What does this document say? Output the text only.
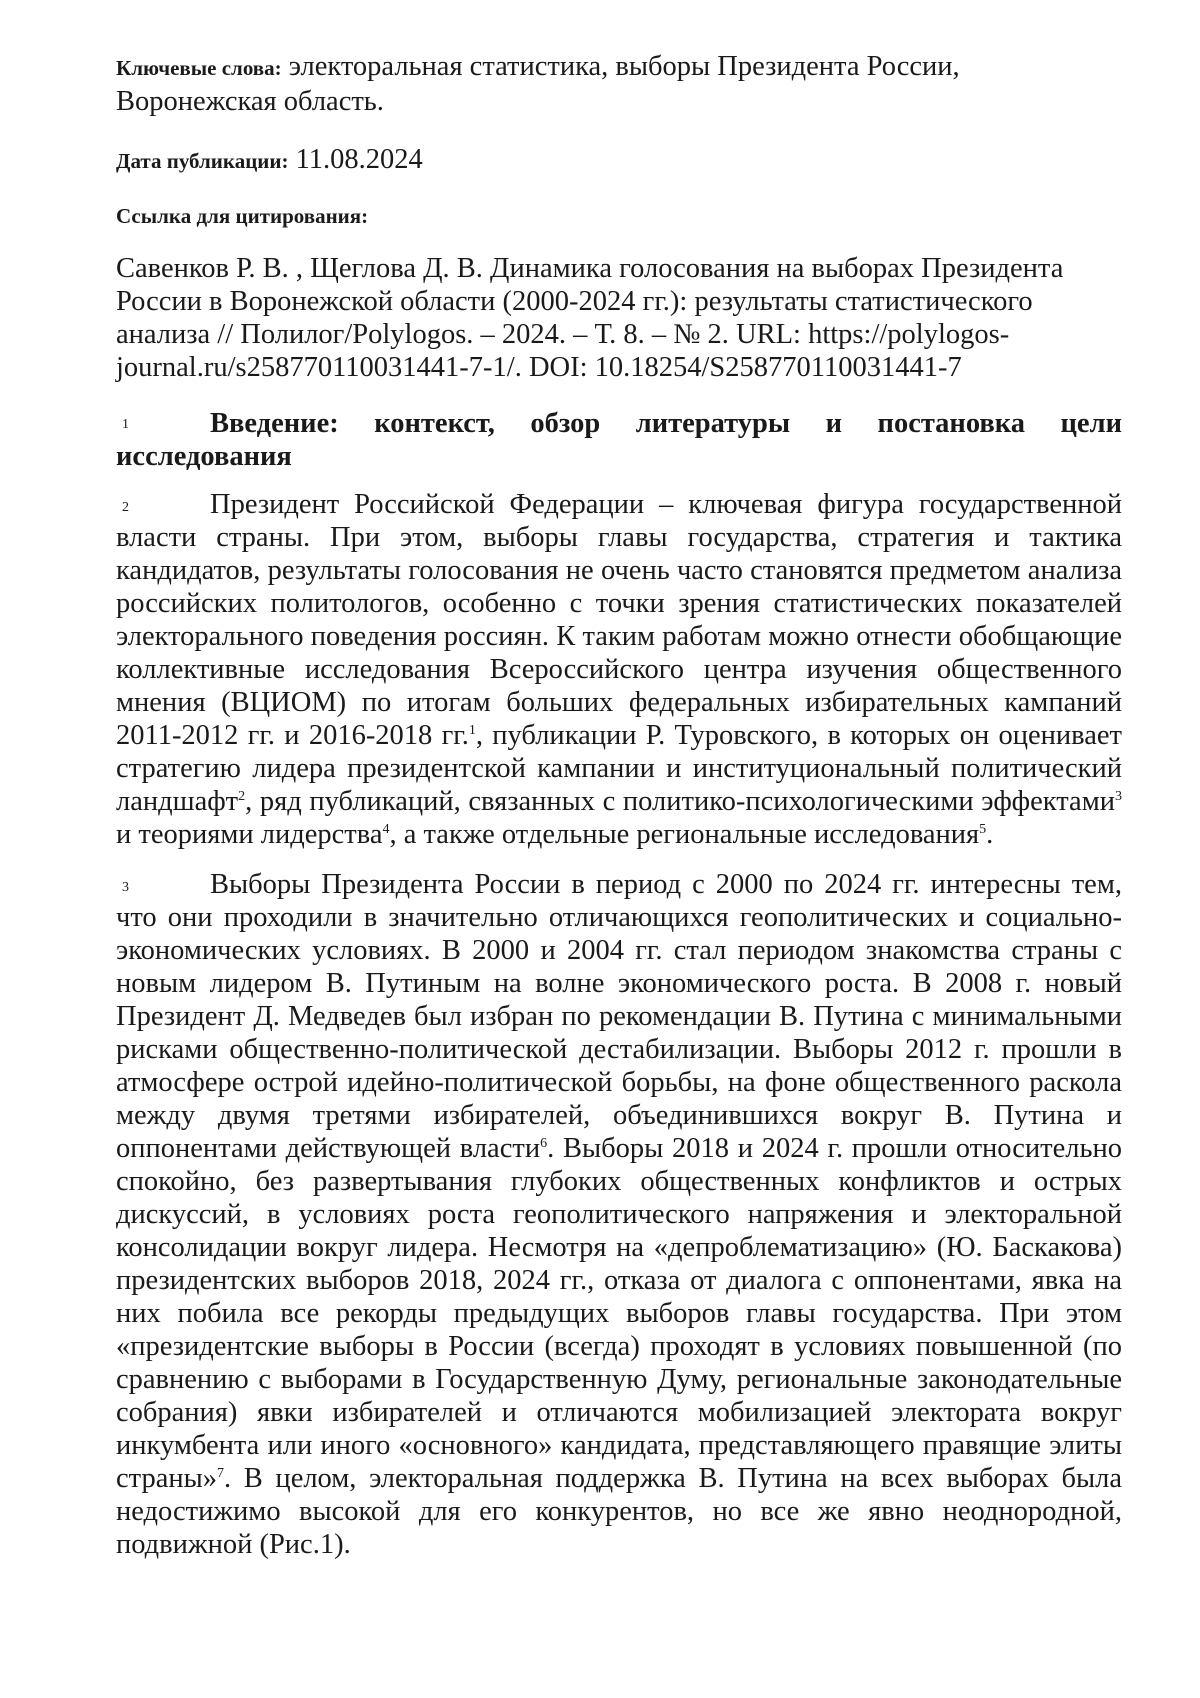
Ключевые слова: электоральная статистика, выборы Президента России, Воронежская область.
Дата публикации: 11.08.2024
Ссылка для цитирования:
Савенков Р. В. , Щеглова Д. В. Динамика голосования на выборах Президента России в Воронежской области (2000-2024 гг.): результаты статистического анализа // Полилог/Polylogos. – 2024. – Т. 8. – № 2. URL: https://polylogos-journal.ru/s258770110031441-7-1/. DOI: 10.18254/S258770110031441-7
1	Введение: контекст, обзор литературы и постановка цели
исследования
2	Президент Российской Федерации – ключевая фигура государственной власти страны. При этом, выборы главы государства, стратегия и тактика кандидатов, результаты голосования не очень часто становятся предметом анализа российских политологов, особенно с точки зрения статистических показателей электорального поведения россиян. К таким работам можно отнести обобщающие коллективные исследования Всероссийского центра изучения общественного мнения (ВЦИОМ) по итогам больших федеральных избирательных кампаний 2011-2012 гг. и 2016-2018 гг.$^1$, публикации Р. Туровского, в которых он оценивает стратегию лидера президентской кампании и институциональный политический ландшафт$^2$, ряд публикаций, связанных с политико-психологическими эффектами$^3$ и теориями лидерства$^4$, а также отдельные региональные исследования$^5$.
3	Выборы Президента России в период с 2000 по 2024 гг. интересны тем, что они проходили в значительно отличающихся геополитических и социально-экономических условиях. В 2000 и 2004 гг. стал периодом знакомства страны с новым лидером В. Путиным на волне экономического роста. В 2008 г. новый Президент Д. Медведев был избран по рекомендации В. Путина с минимальными рисками общественно-политической дестабилизации. Выборы 2012 г. прошли в атмосфере острой идейно-политической борьбы, на фоне общественного раскола между двумя третями избирателей, объединившихся вокруг В. Путина и оппонентами действующей власти$^6$. Выборы 2018 и 2024 г. прошли относительно спокойно, без развертывания глубоких общественных конфликтов и острых дискуссий, в условиях роста геополитического напряжения и электоральной консолидации вокруг лидера. Несмотря на «депроблематизацию» (Ю. Баскакова) президентских выборов 2018, 2024 гг., отказа от диалога с оппонентами, явка на них побила все рекорды предыдущих выборов главы государства. При этом «президентские выборы в России (всегда) проходят в условиях повышенной (по сравнению с выборами в Государственную Думу, региональные законодательные собрания) явки избирателей и отличаются мобилизацией электората вокруг инкумбента или иного «основного» кандидата, представляющего правящие элиты страны»$^7$. В целом, электоральная поддержка В. Путина на всех выборах была недостижимо высокой для его конкурентов, но все же явно неоднородной, подвижной (Рис.1).
